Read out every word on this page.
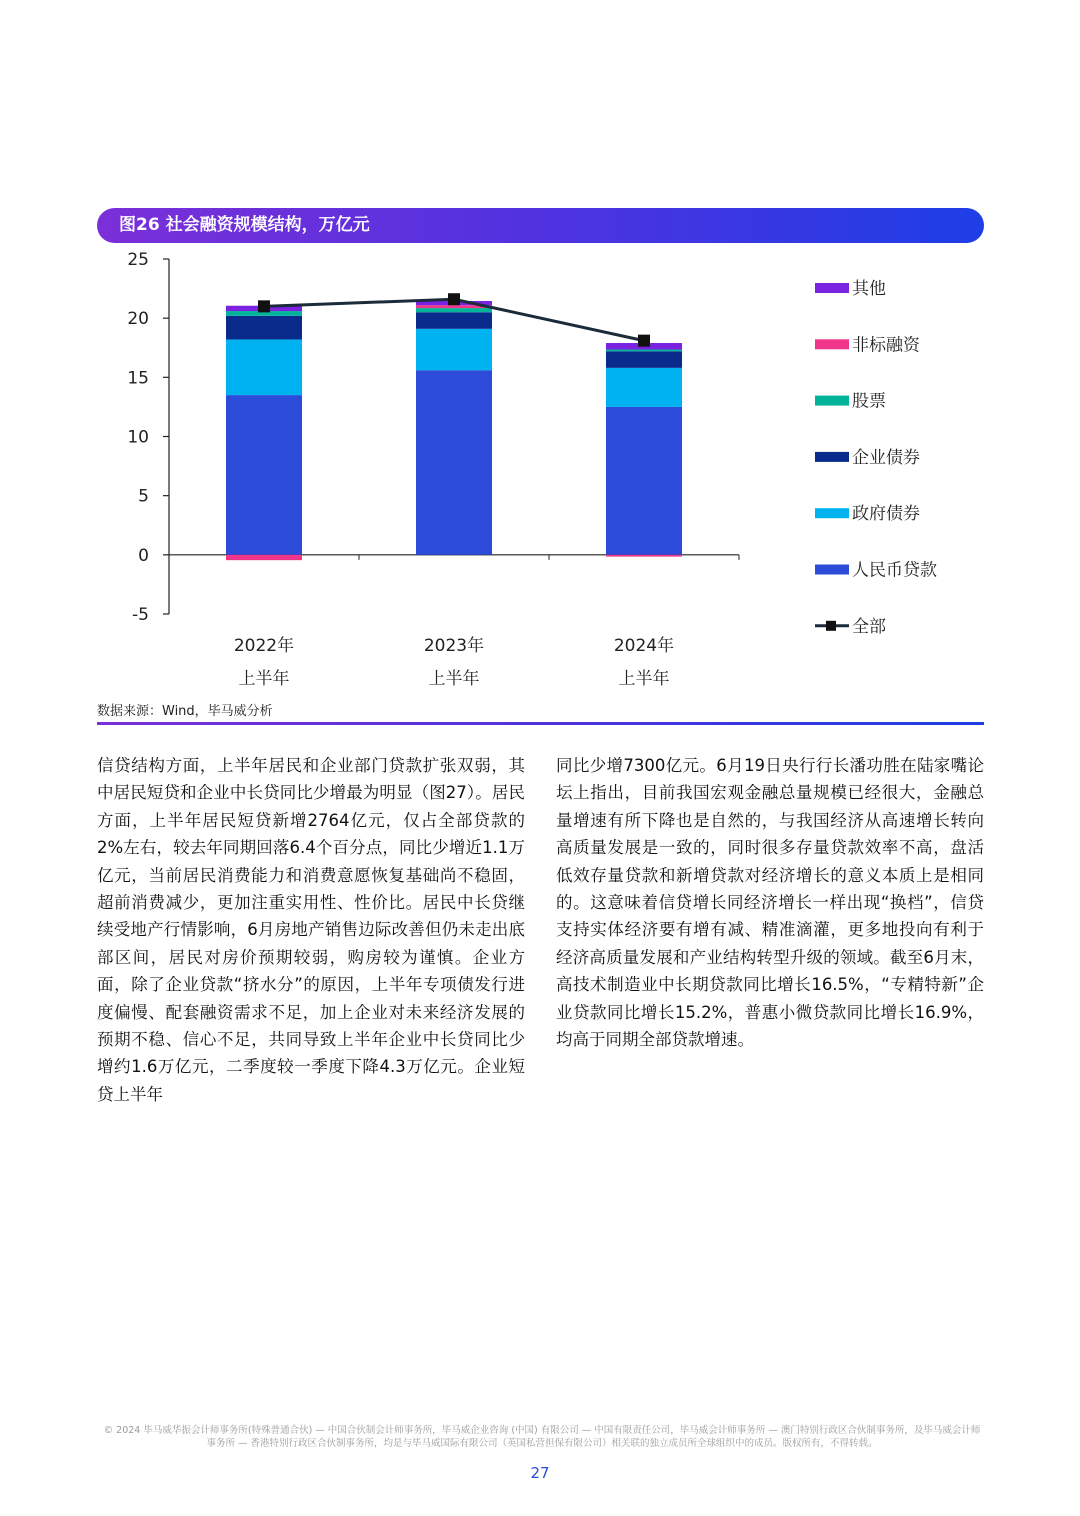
图26 社会融资规模结构，万亿元
25
20
15
10
5
0
-5
2022年
上半年
2023年
上半年
2024年
上半年
其他
非标融资
股票
企业债券
政府债券
人民币贷款
全部
数据来源：Wind，毕马威分析
信贷结构方面，上半年居民和企业部门贷款扩张双弱，其中居民短贷和企业中长贷同比少增最为明显（图27）。居民方面，上半年居民短贷新增2764亿元，仅占全部贷款的2%左右，较去年同期回落6.4个百分点，同比少增近1.1万亿元，当前居民消费能力和消费意愿恢复基础尚不稳固，超前消费减少，更加注重实用性、性价比。居民中长贷继续受地产行情影响，6月房地产销售边际改善但仍未走出底部区间，居民对房价预期较弱，购房较为谨慎。企业方面，除了企业贷款“挤水分”的原因，上半年专项债发行进度偏慢、配套融资需求不足，加上企业对未来经济发展的预期不稳、信心不足，共同导致上半年企业中长贷同比少增约1.6万亿元，二季度较一季度下降4.3万亿元。企业短贷上半年
同比少增7300亿元。6月19日央行行长潘功胜在陆家嘴论坛上指出，目前我国宏观金融总量规模已经很大，金融总量增速有所下降也是自然的，与我国经济从高速增长转向高质量发展是一致的，同时很多存量贷款效率不高，盘活低效存量贷款和新增贷款对经济增长的意义本质上是相同的。这意味着信贷增长同经济增长一样出现“换档”，信贷支持实体经济要有增有减、精准滴灌，更多地投向有利于经济高质量发展和产业结构转型升级的领域。截至6月末，高技术制造业中长期贷款同比增长16.5%，“专精特新”企业贷款同比增长15.2%，普惠小微贷款同比增长16.9%，均高于同期全部贷款增速。
© 2024 毕马威华振会计师事务所(特殊普通合伙) — 中国合伙制会计师事务所，毕马威企业咨询 (中国) 有限公司 — 中国有限责任公司，毕马威会计师事务所 — 澳门特别行政区合伙制事务所，及毕马威会计师事务所 — 香港特别行政区合伙制事务所，均是与毕马威国际有限公司（英国私营担保有限公司）相关联的独立成员所全球组织中的成员。版权所有，不得转载。
27
